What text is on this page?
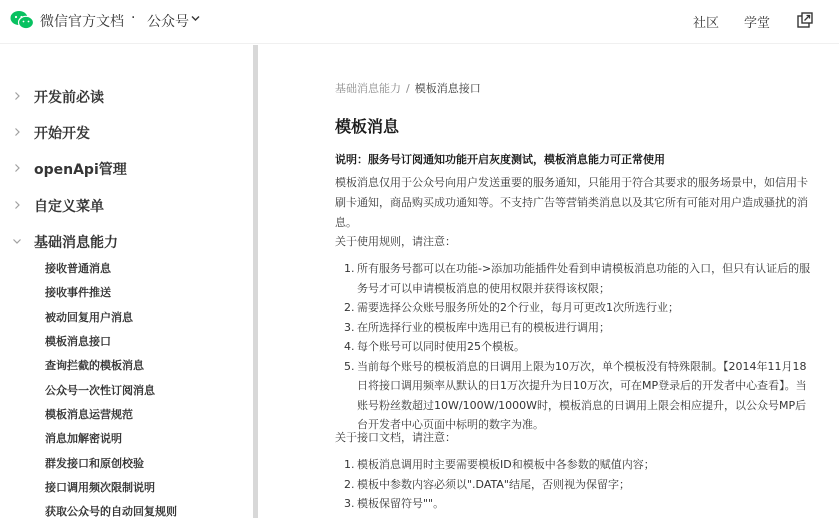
微信官方文档 · 公众号	社区 学堂
开发前必读
开始开发
openApi管理
自定义菜单
基础消息能力
接收普通消息
接收事件推送
被动回复用户消息
模板消息接口
查询拦截的模板消息
公众号一次性订阅消息
模板消息运营规范
消息加解密说明
群发接口和原创校验
接口调用频次限制说明
获取公众号的自动回复规则
基础消息能力 / 模板消息接口
模板消息
说明：服务号订阅通知功能开启灰度测试，模板消息能力可正常使用
模板消息仅用于公众号向用户发送重要的服务通知，只能用于符合其要求的服务场景中，如信用卡刷卡通知，商品购买成功通知等。不支持广告等营销类消息以及其它所有可能对用户造成骚扰的消息。
关于使用规则，请注意：
1. 所有服务号都可以在功能->添加功能插件处看到申请模板消息功能的入口，但只有认证后的服务号才可以申请模板消息的使用权限并获得该权限；
2. 需要选择公众账号服务所处的2个行业，每月可更改1次所选行业；
3. 在所选择行业的模板库中选用已有的模板进行调用；
4. 每个账号可以同时使用25个模板。
5. 当前每个账号的模板消息的日调用上限为10万次，单个模板没有特殊限制。【2014年11月18日将接口调用频率从默认的日1万次提升为日10万次，可在MP登录后的开发者中心查看】。当账号粉丝数超过10W/100W/1000W时，模板消息的日调用上限会相应提升，以公众号MP后台开发者中心页面中标明的数字为准。
关于接口文档，请注意：
1. 模板消息调用时主要需要模板ID和模板中各参数的赋值内容；
2. 模板中参数内容必须以".DATA"结尾，否则视为保留字；
3. 模板保留符号""。
